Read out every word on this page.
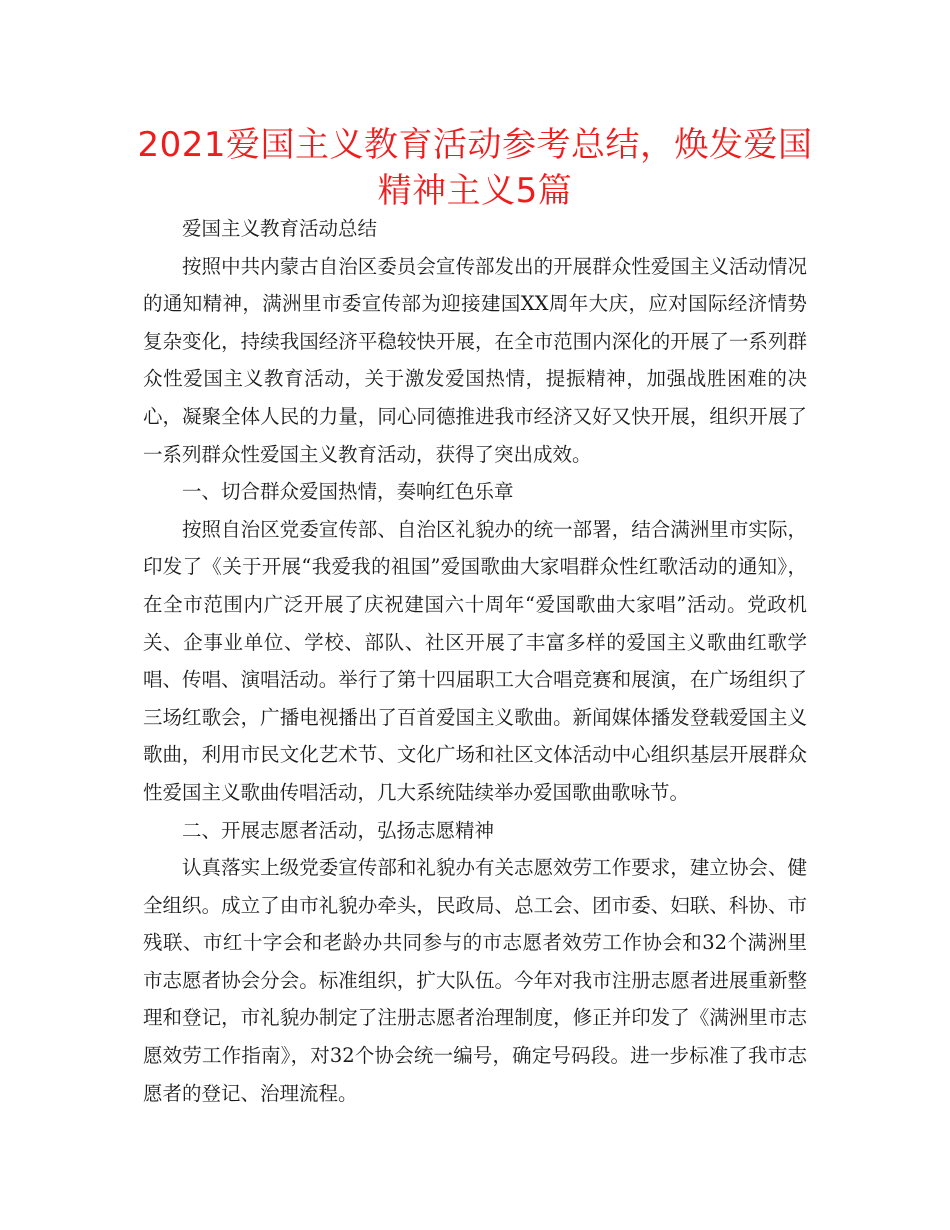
2021爱国主义教育活动参考总结，焕发爱国精神主义5篇

爱国主义教育活动总结

按照中共内蒙古自治区委员会宣传部发出的开展群众性爱国主义活动情况的通知精神，满洲里市委宣传部为迎接建国XX周年大庆，应对国际经济情势复杂变化，持续我国经济平稳较快开展，在全市范围内深化的开展了一系列群众性爱国主义教育活动，关于激发爱国热情，提振精神，加强战胜困难的决心，凝聚全体人民的力量，同心同德推进我市经济又好又快开展，组织开展了一系列群众性爱国主义教育活动，获得了突出成效。

一、切合群众爱国热情，奏响红色乐章

按照自治区党委宣传部、自治区礼貌办的统一部署，结合满洲里市实际，印发了《关于开展“我爱我的祖国”爱国歌曲大家唱群众性红歌活动的通知》，在全市范围内广泛开展了庆祝建国六十周年“爱国歌曲大家唱”活动。党政机关、企事业单位、学校、部队、社区开展了丰富多样的爱国主义歌曲红歌学唱、传唱、演唱活动。举行了第十四届职工大合唱竞赛和展演，在广场组织了三场红歌会，广播电视播出了百首爱国主义歌曲。新闻媒体播发登载爱国主义歌曲，利用市民文化艺术节、文化广场和社区文体活动中心组织基层开展群众性爱国主义歌曲传唱活动，几大系统陆续举办爱国歌曲歌咏节。

二、开展志愿者活动，弘扬志愿精神

认真落实上级党委宣传部和礼貌办有关志愿效劳工作要求，建立协会、健全组织。成立了由市礼貌办牵头，民政局、总工会、团市委、妇联、科协、市残联、市红十字会和老龄办共同参与的市志愿者效劳工作协会和32个满洲里市志愿者协会分会。标准组织，扩大队伍。今年对我市注册志愿者进展重新整理和登记，市礼貌办制定了注册志愿者治理制度，修正并印发了《满洲里市志愿效劳工作指南》，对32个协会统一编号，确定号码段。进一步标准了我市志愿者的登记、治理流程。
